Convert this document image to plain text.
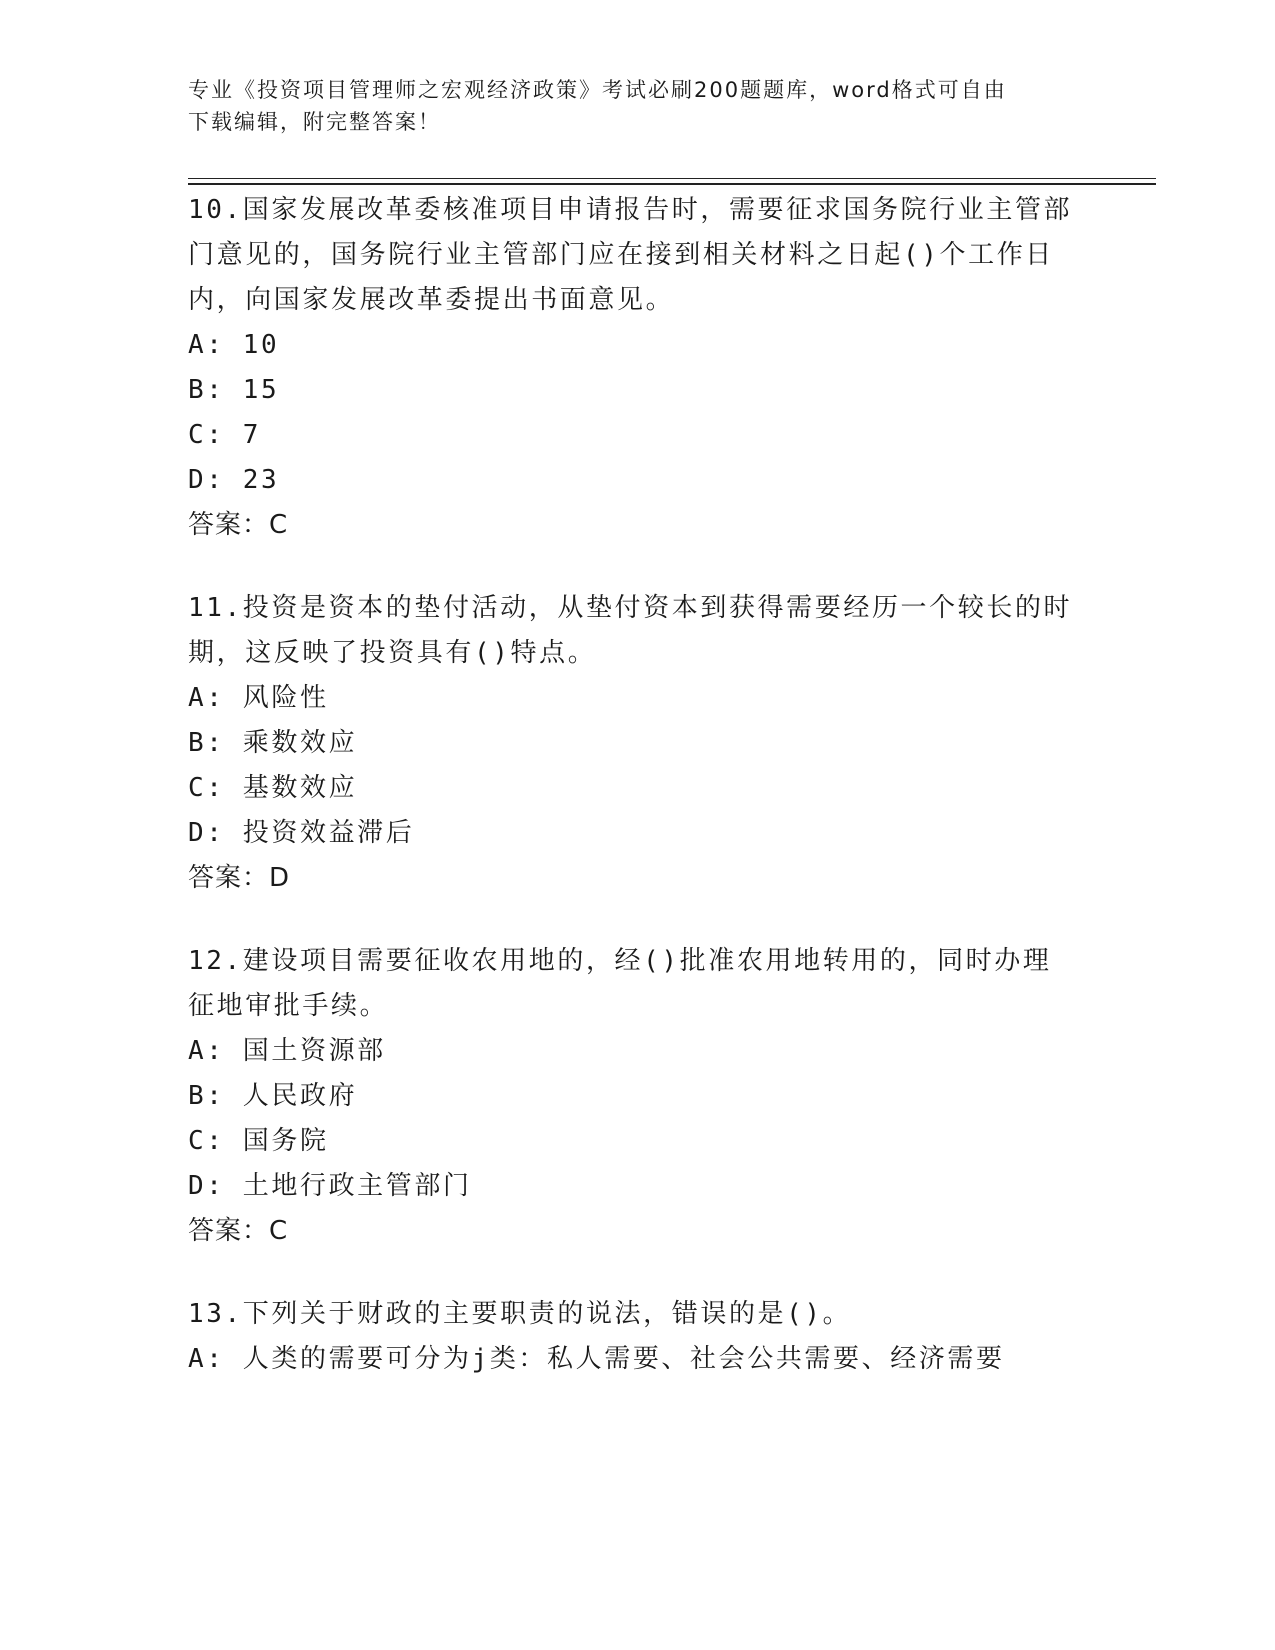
专业《投资项目管理师之宏观经济政策》考试必刷200题题库，word格式可自由
下载编辑，附完整答案！

10.国家发展改革委核准项目申请报告时，需要征求国务院行业主管部门意见的，国务院行业主管部门应在接到相关材料之日起()个工作日内，向国家发展改革委提出书面意见。

A: 10
B: 15
C: 7
D: 23
答案：C

11.投资是资本的垫付活动，从垫付资本到获得需要经历一个较长的时期，这反映了投资具有()特点。

A: 风险性
B: 乘数效应
C: 基数效应
D: 投资效益滞后
答案：D

12.建设项目需要征收农用地的，经()批准农用地转用的，同时办理征地审批手续。

A: 国土资源部
B: 人民政府
C: 国务院
D: 土地行政主管部门
答案：C

13.下列关于财政的主要职责的说法，错误的是()。

A: 人类的需要可分为j类：私人需要、社会公共需要、经济需要
